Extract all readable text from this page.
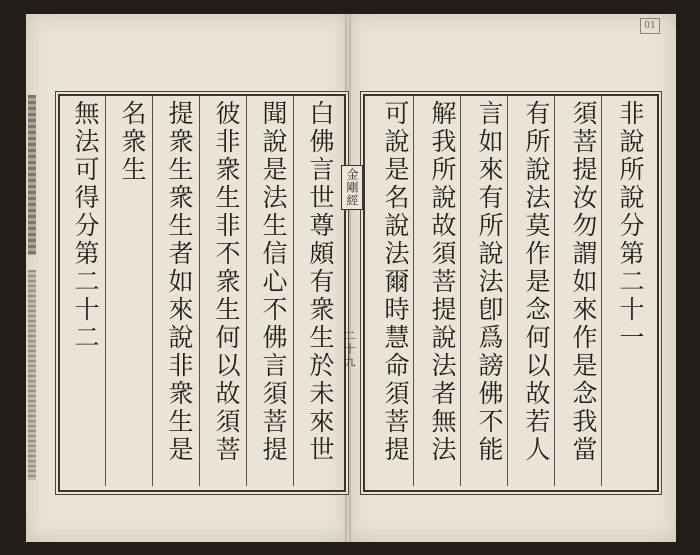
01
非說所說分第二十一
須菩提汝勿謂如來作是念我當
有所說法莫作是念何以故若人
言如來有所說法卽爲謗佛不能
解我所說故須菩提說法者無法
可說是名說法爾時慧命須菩提
金剛經
二十九
白佛言世尊頗有衆生於未來世
聞說是法生信心不佛言須菩提
彼非衆生非不衆生何以故須菩
提衆生衆生者如來說非衆生是
名衆生
無法可得分第二十二
